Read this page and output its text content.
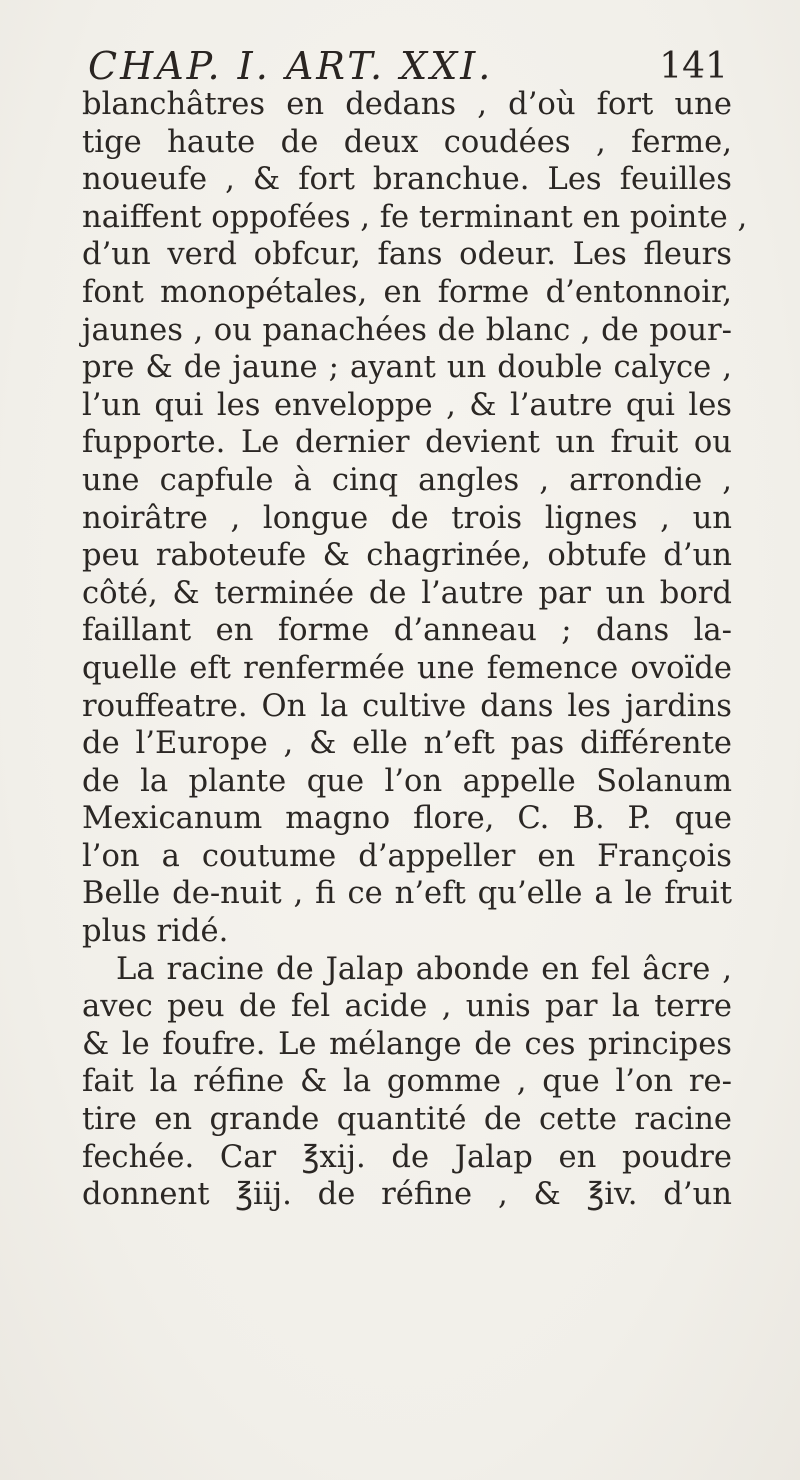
CHAP. I. ART. XXI.	141
blanchâtres en dedans , d’où fort une
tige haute de deux coudées , ferme,
noueufe , & fort branchue. Les feuilles
naiffent oppofées , fe terminant en pointe ,
d’un verd obfcur, fans odeur. Les fleurs
font monopétales, en forme d’entonnoir,
jaunes , ou panachées de blanc , de pour-
pre & de jaune ; ayant un double calyce ,
l’un qui les enveloppe , & l’autre qui les
fupporte. Le dernier devient un fruit ou
une capfule à cinq angles , arrondie ,
noirâtre , longue de trois lignes , un
peu raboteufe & chagrinée, obtufe d’un
côté, & terminée de l’autre par un bord
faillant en forme d’anneau ; dans la-
quelle eft renfermée une femence ovoïde
rouffeatre. On la cultive dans les jardins
de l’Europe , & elle n’eft pas différente
de la plante que l’on appelle Solanum
Mexicanum magno flore, C. B. P. que
l’on a coutume d’appeller en François
Belle de-nuit , fi ce n’eft qu’elle a le fruit
plus ridé.
La racine de Jalap abonde en fel âcre ,
avec peu de fel acide , unis par la terre
& le foufre. Le mélange de ces principes
fait la réfine & la gomme , que l’on re-
tire en grande quantité de cette racine
fechée. Car ℥xij. de Jalap en poudre
donnent ℥iij. de réfine , & ℥iv. d’un
